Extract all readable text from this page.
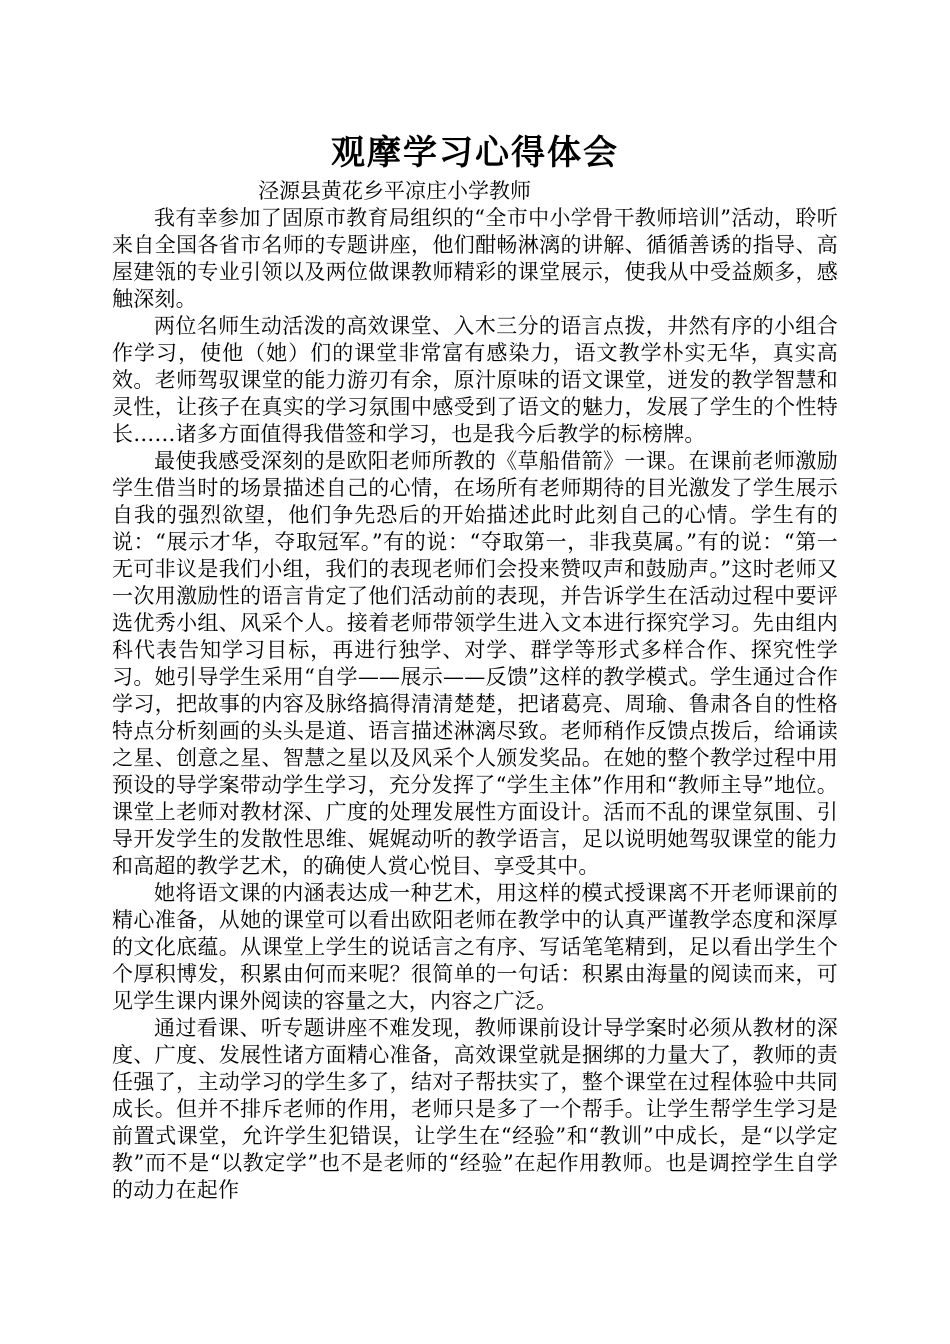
观摩学习心得体会

泾源县黄花乡平凉庄小学教师

我有幸参加了固原市教育局组织的“全市中小学骨干教师培训”活动，聆听来自全国各省市名师的专题讲座，他们酣畅淋漓的讲解、循循善诱的指导、高屋建瓴的专业引领以及两位做课教师精彩的课堂展示，使我从中受益颇多，感触深刻。

两位名师生动活泼的高效课堂、入木三分的语言点拨，井然有序的小组合作学习，使他（她）们的课堂非常富有感染力，语文教学朴实无华，真实高效。老师驾驭课堂的能力游刃有余，原汁原味的语文课堂，迸发的教学智慧和灵性，让孩子在真实的学习氛围中感受到了语文的魅力，发展了学生的个性特长……诸多方面值得我借签和学习，也是我今后教学的标榜牌。

最使我感受深刻的是欧阳老师所教的《草船借箭》一课。在课前老师激励学生借当时的场景描述自己的心情，在场所有老师期待的目光激发了学生展示自我的强烈欲望，他们争先恐后的开始描述此时此刻自己的心情。学生有的说：“展示才华，夺取冠军。”有的说：“夺取第一，非我莫属。”有的说：“第一无可非议是我们小组，我们的表现老师们会投来赞叹声和鼓励声。”这时老师又一次用激励性的语言肯定了他们活动前的表现，并告诉学生在活动过程中要评选优秀小组、风采个人。接着老师带领学生进入文本进行探究学习。先由组内科代表告知学习目标，再进行独学、对学、群学等形式多样合作、探究性学习。她引导学生采用“自学——展示——反馈”这样的教学模式。学生通过合作学习，把故事的内容及脉络搞得清清楚楚，把诸葛亮、周瑜、鲁肃各自的性格特点分析刻画的头头是道、语言描述淋漓尽致。老师稍作反馈点拨后，给诵读之星、创意之星、智慧之星以及风采个人颁发奖品。在她的整个教学过程中用预设的导学案带动学生学习，充分发挥了“学生主体”作用和“教师主导”地位。课堂上老师对教材深、广度的处理发展性方面设计。活而不乱的课堂氛围、引导开发学生的发散性思维、娓娓动听的教学语言，足以说明她驾驭课堂的能力和高超的教学艺术，的确使人赏心悦目、享受其中。

她将语文课的内涵表达成一种艺术，用这样的模式授课离不开老师课前的精心准备，从她的课堂可以看出欧阳老师在教学中的认真严谨教学态度和深厚的文化底蕴。从课堂上学生的说话言之有序、写话笔笔精到，足以看出学生个个厚积博发，积累由何而来呢？很简单的一句话：积累由海量的阅读而来，可见学生课内课外阅读的容量之大，内容之广泛。

通过看课、听专题讲座不难发现，教师课前设计导学案时必须从教材的深度、广度、发展性诸方面精心准备，高效课堂就是捆绑的力量大了，教师的责任强了，主动学习的学生多了，结对子帮扶实了，整个课堂在过程体验中共同成长。但并不排斥老师的作用，老师只是多了一个帮手。让学生帮学生学习是前置式课堂，允许学生犯错误，让学生在“经验”和“教训”中成长，是“以学定教”而不是“以教定学”也不是老师的“经验”在起作用教师。也是调控学生自学的动力在起作
